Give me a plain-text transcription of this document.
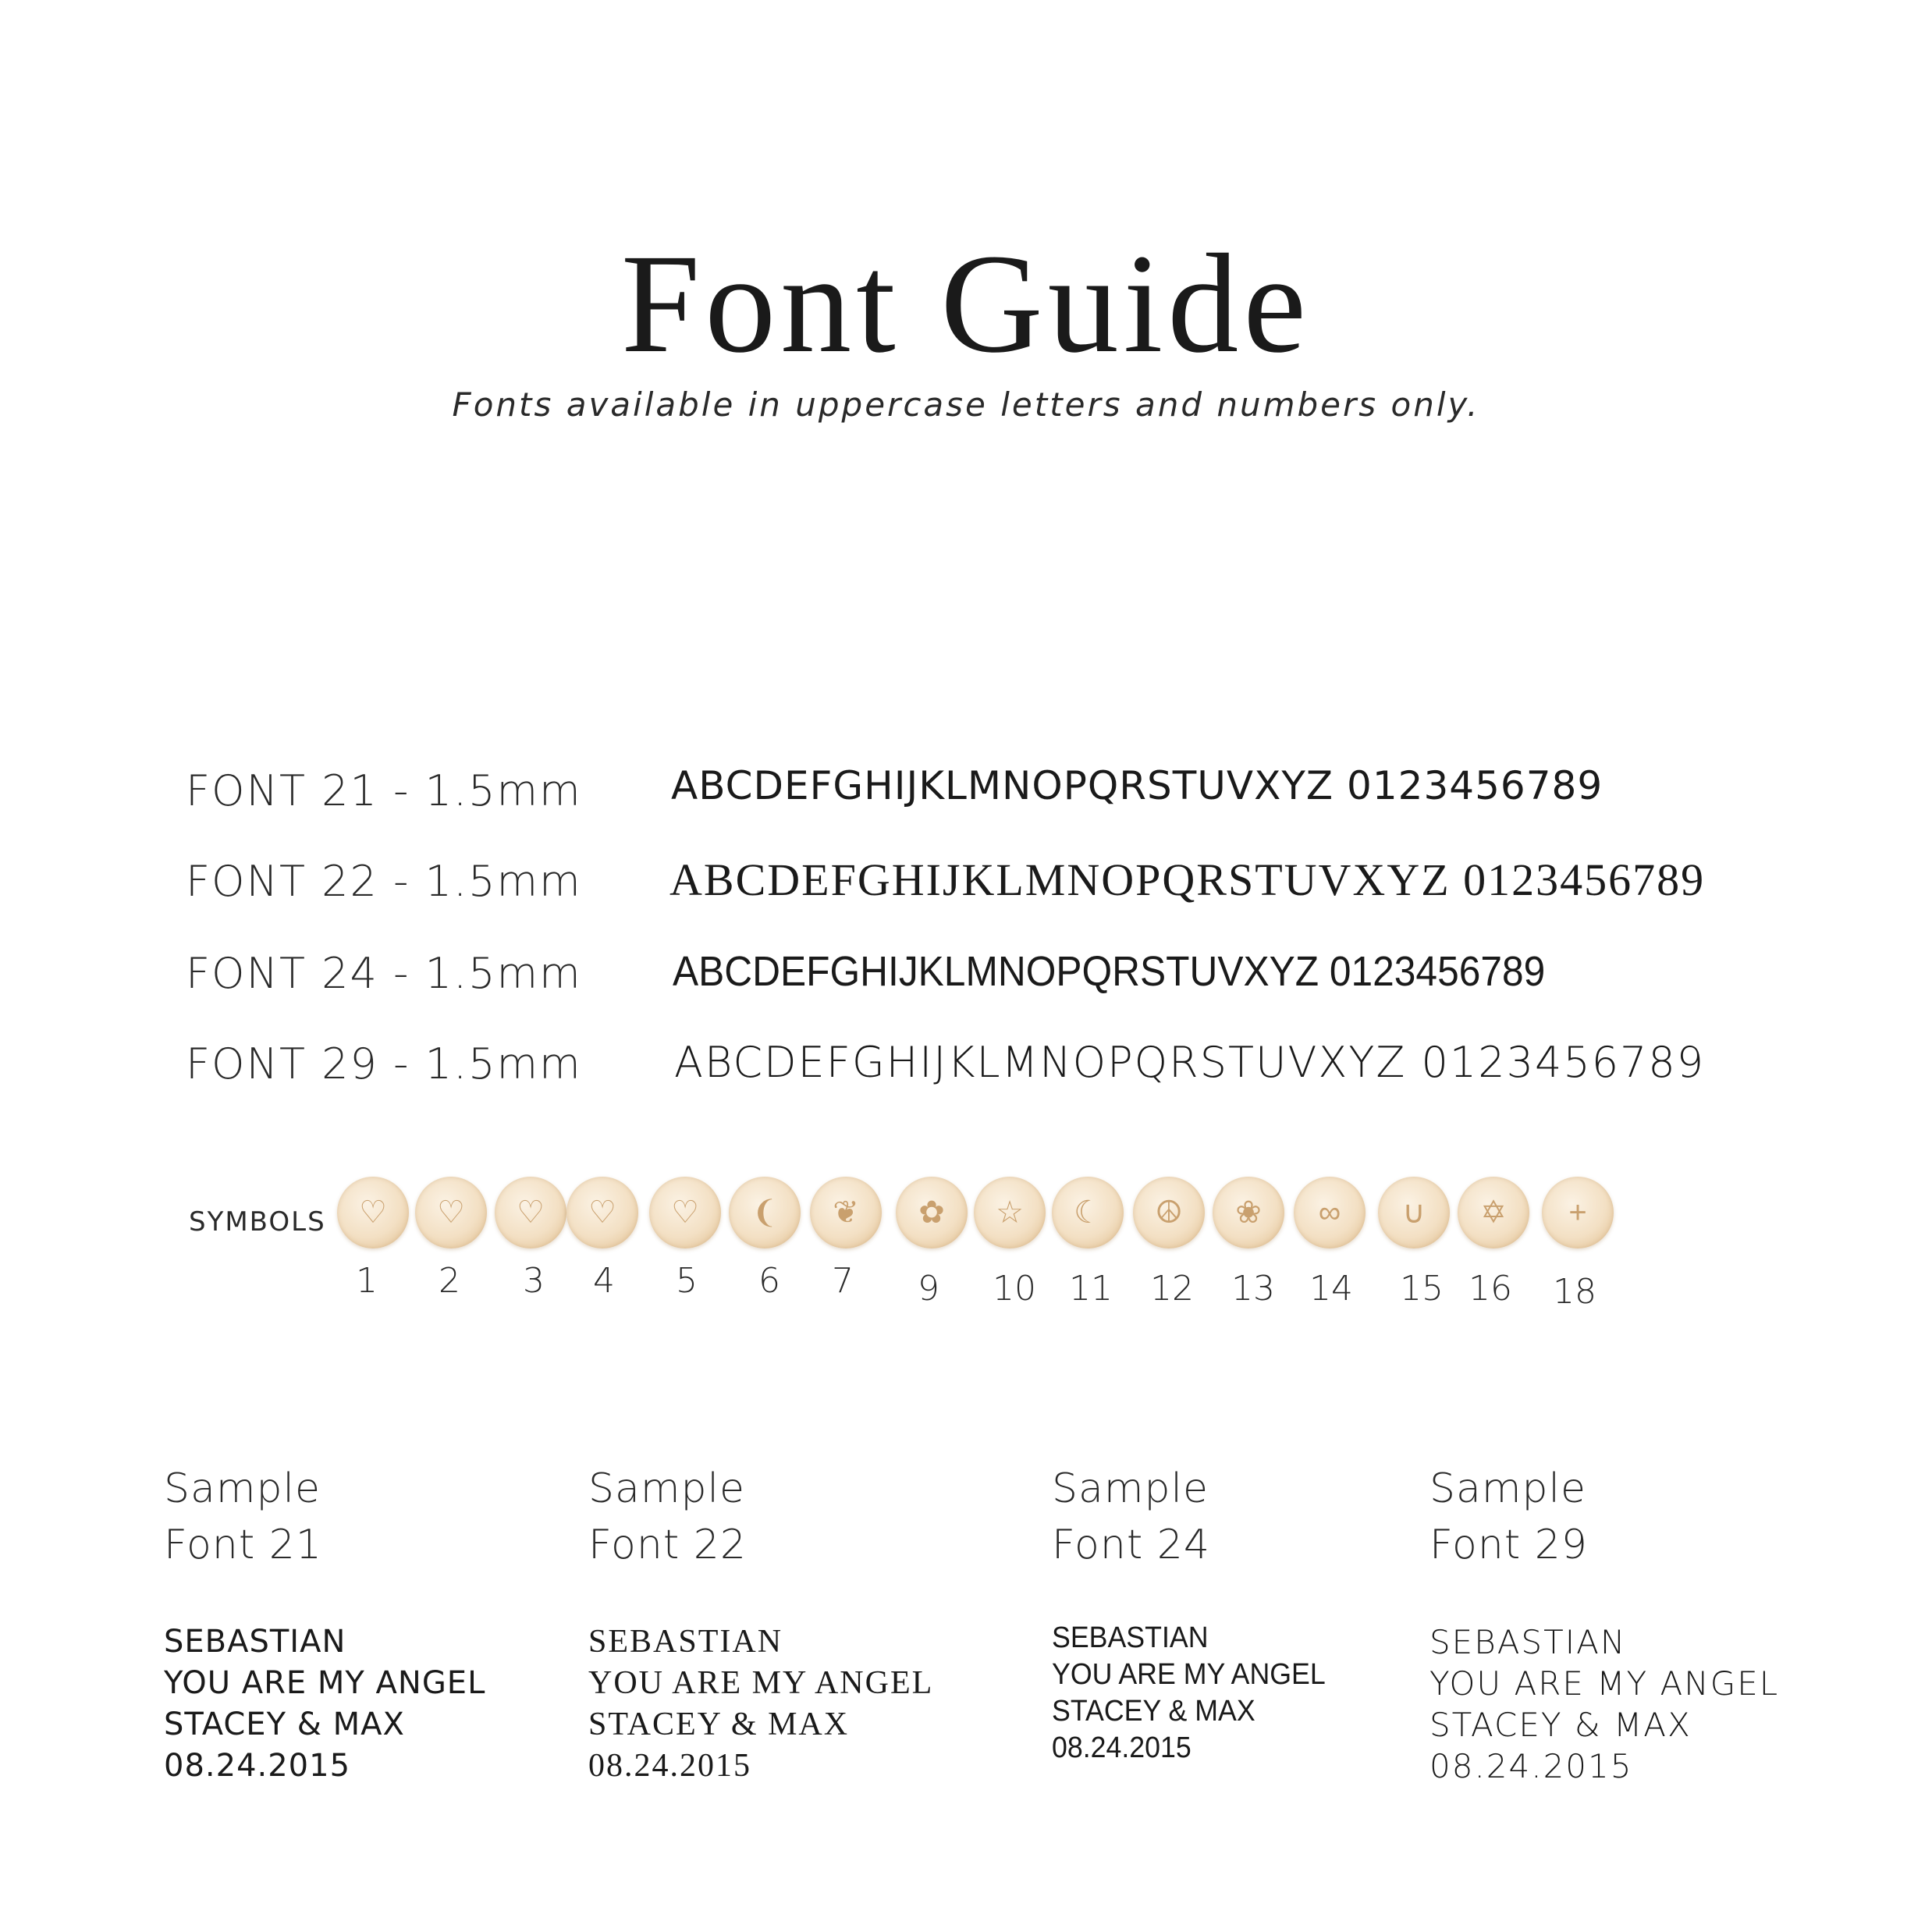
Font Guide
Fonts available in uppercase letters and numbers only.
FONT 21 - 1.5mm ABCDEFGHIJKLMNOPQRSTUVXYZ 0123456789
FONT 22 - 1.5mm ABCDEFGHIJKLMNOPQRSTUVXYZ 0123456789
FONT 24 - 1.5mm ABCDEFGHIJKLMNOPQRSTUVXYZ 0123456789
FONT 29 - 1.5mm ABCDEFGHIJKLMNOPQRSTUVXYZ 0123456789
SYMBOLS ♡
1
♡
2
♡
3
♡
4
♡
5
❨
6
❦
7
✿
9
☆
10
☾
11
☮
12
❀
13
∞
14
∪
15
✡
16
+
18
Sample
Font 21
SEBASTIAN
YOU ARE MY ANGEL
STACEY & MAX
08.24.2015
Sample
Font 22
SEBASTIAN
YOU ARE MY ANGEL
STACEY & MAX
08.24.2015
Sample
Font 24
SEBASTIAN
YOU ARE MY ANGEL
STACEY & MAX
08.24.2015
Sample
Font 29
SEBASTIAN
YOU ARE MY ANGEL
STACEY & MAX
08.24.2015
